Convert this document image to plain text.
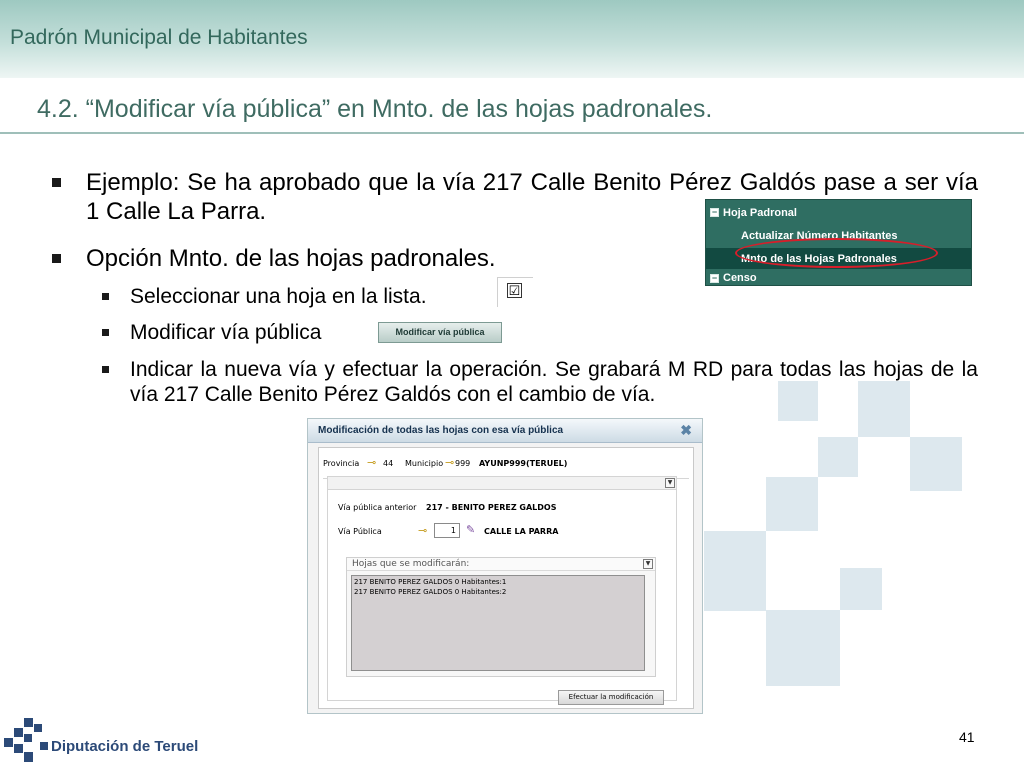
Padrón Municipal de Habitantes
4.2. “Modificar vía pública” en Mnto. de las hojas padronales.
Ejemplo: Se ha aprobado que la vía 217 Calle Benito Pérez Galdós pase a ser vía 1 Calle La Parra.
Opción Mnto. de las hojas padronales.
Seleccionar una hoja en la lista.
Modificar vía pública
Indicar la nueva vía y efectuar la operación. Se grabará M RD para todas las hojas de la vía 217 Calle Benito Pérez Galdós con el cambio de vía.
− Hoja Padronal
Actualizar Número Habitantes
Mnto de las Hojas Padronales
− Censo
☑
Modificar vía pública
Modificación de todas las hojas con esa vía pública	✖
Provincia ⊸ 44 Municipio ⊸ 999 AYUNP999(TERUEL)
▼
Vía pública anterior 217 - BENITO PEREZ GALDOS
Vía Pública	⊸	1 ✎ CALLE LA PARRA
Hojas que se modificarán:	▼
217 BENITO PEREZ GALDOS 0 Habitantes:1
217 BENITO PEREZ GALDOS 0 Habitantes:2
Efectuar la modificación
Diputación de Teruel
41
